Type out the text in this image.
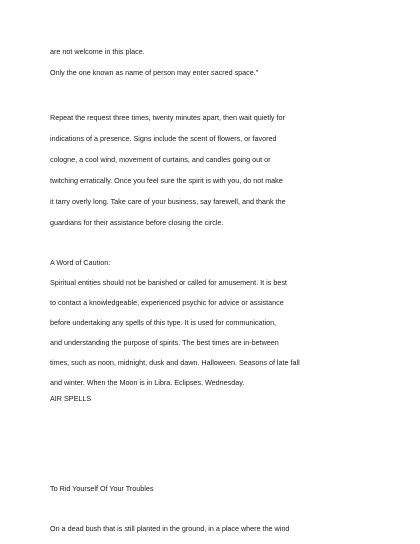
are not welcome in this place.
Only the one known as name of person may enter sacred space."
Repeat the request three times, twenty minutes apart, then wait quietly for
indications of a presence. Signs include the scent of flowers, or favored
cologne, a cool wind, movement of curtains, and candles going out or
twitching erratically. Once you feel sure the spirit is with you, do not make
it tarry overly long. Take care of your business, say farewell, and thank the
guardians for their assistance before closing the circle.
A Word of Caution:
Spiritual entities should not be banished or called for amusement. It is best
to contact a knowledgeable, experienced psychic for advice or assistance
before undertaking any spells of this type. It is used for communication,
and understanding the purpose of spirits. The best times are in-between
times, such as noon, midnight, dusk and dawn. Halloween. Seasons of late fall
and winter. When the Moon is in Libra. Eclipses. Wednesday.
AIR SPELLS
To Rid Yourself Of Your Troubles
On a dead bush that is still planted in the ground, in a place where the wind
